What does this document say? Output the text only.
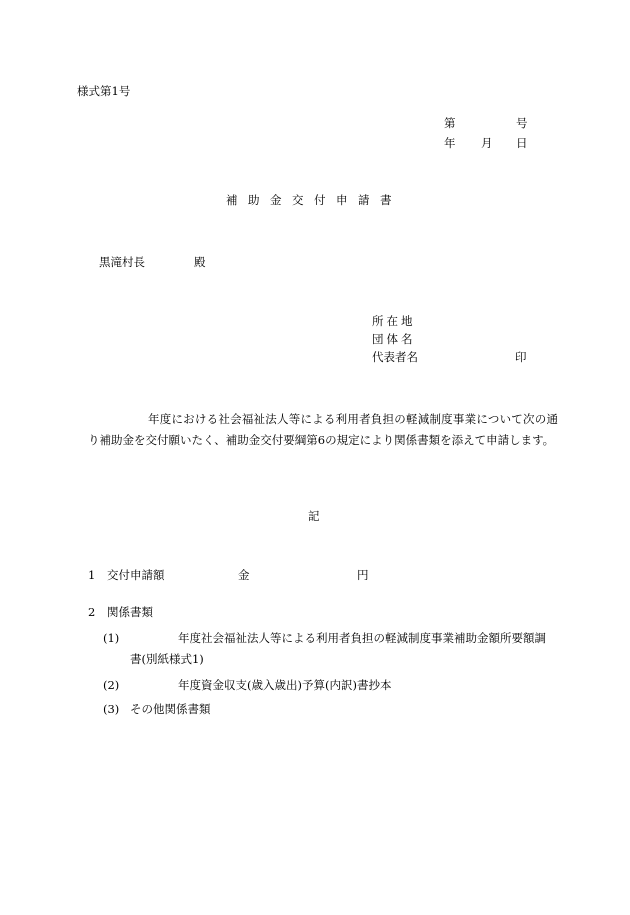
様式第1号
第	号
年 月 日
補助金交付申請書
黒滝村長	殿
所在地
団体名
代表者名	印

年度における社会福祉法人等による利用者負担の軽減制度事業について次の通り補助金を交付願いたく、補助金交付要綱第6の規定により関係書類を添えて申請します。

記
1 交付申請額	金	円
2 関係書類
(1)	年度社会福祉法人等による利用者負担の軽減制度事業補助金額所要額調書(別紙様式1)

(2)	年度資金収支(歳入歳出)予算(内訳)書抄本
(3) その他関係書類
